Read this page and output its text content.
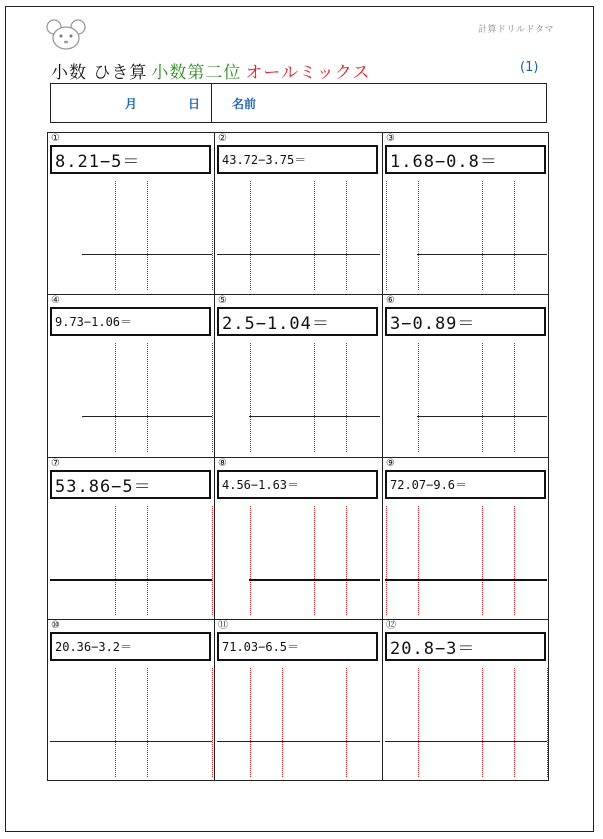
計算ドリルドタマ
小数 ひき算 小数第二位 オールミックス	(1)
月	日	名前
①
8.21−5＝
②
43.72−3.75＝
③
1.68−0.8＝
④
9.73−1.06＝
⑤
2.5−1.04＝
⑥
3−0.89＝
⑦
53.86−5＝
⑧
4.56−1.63＝
⑨
72.07−9.6＝
⑩
20.36−3.2＝
⑪
71.03−6.5＝
⑫
20.8−3＝
